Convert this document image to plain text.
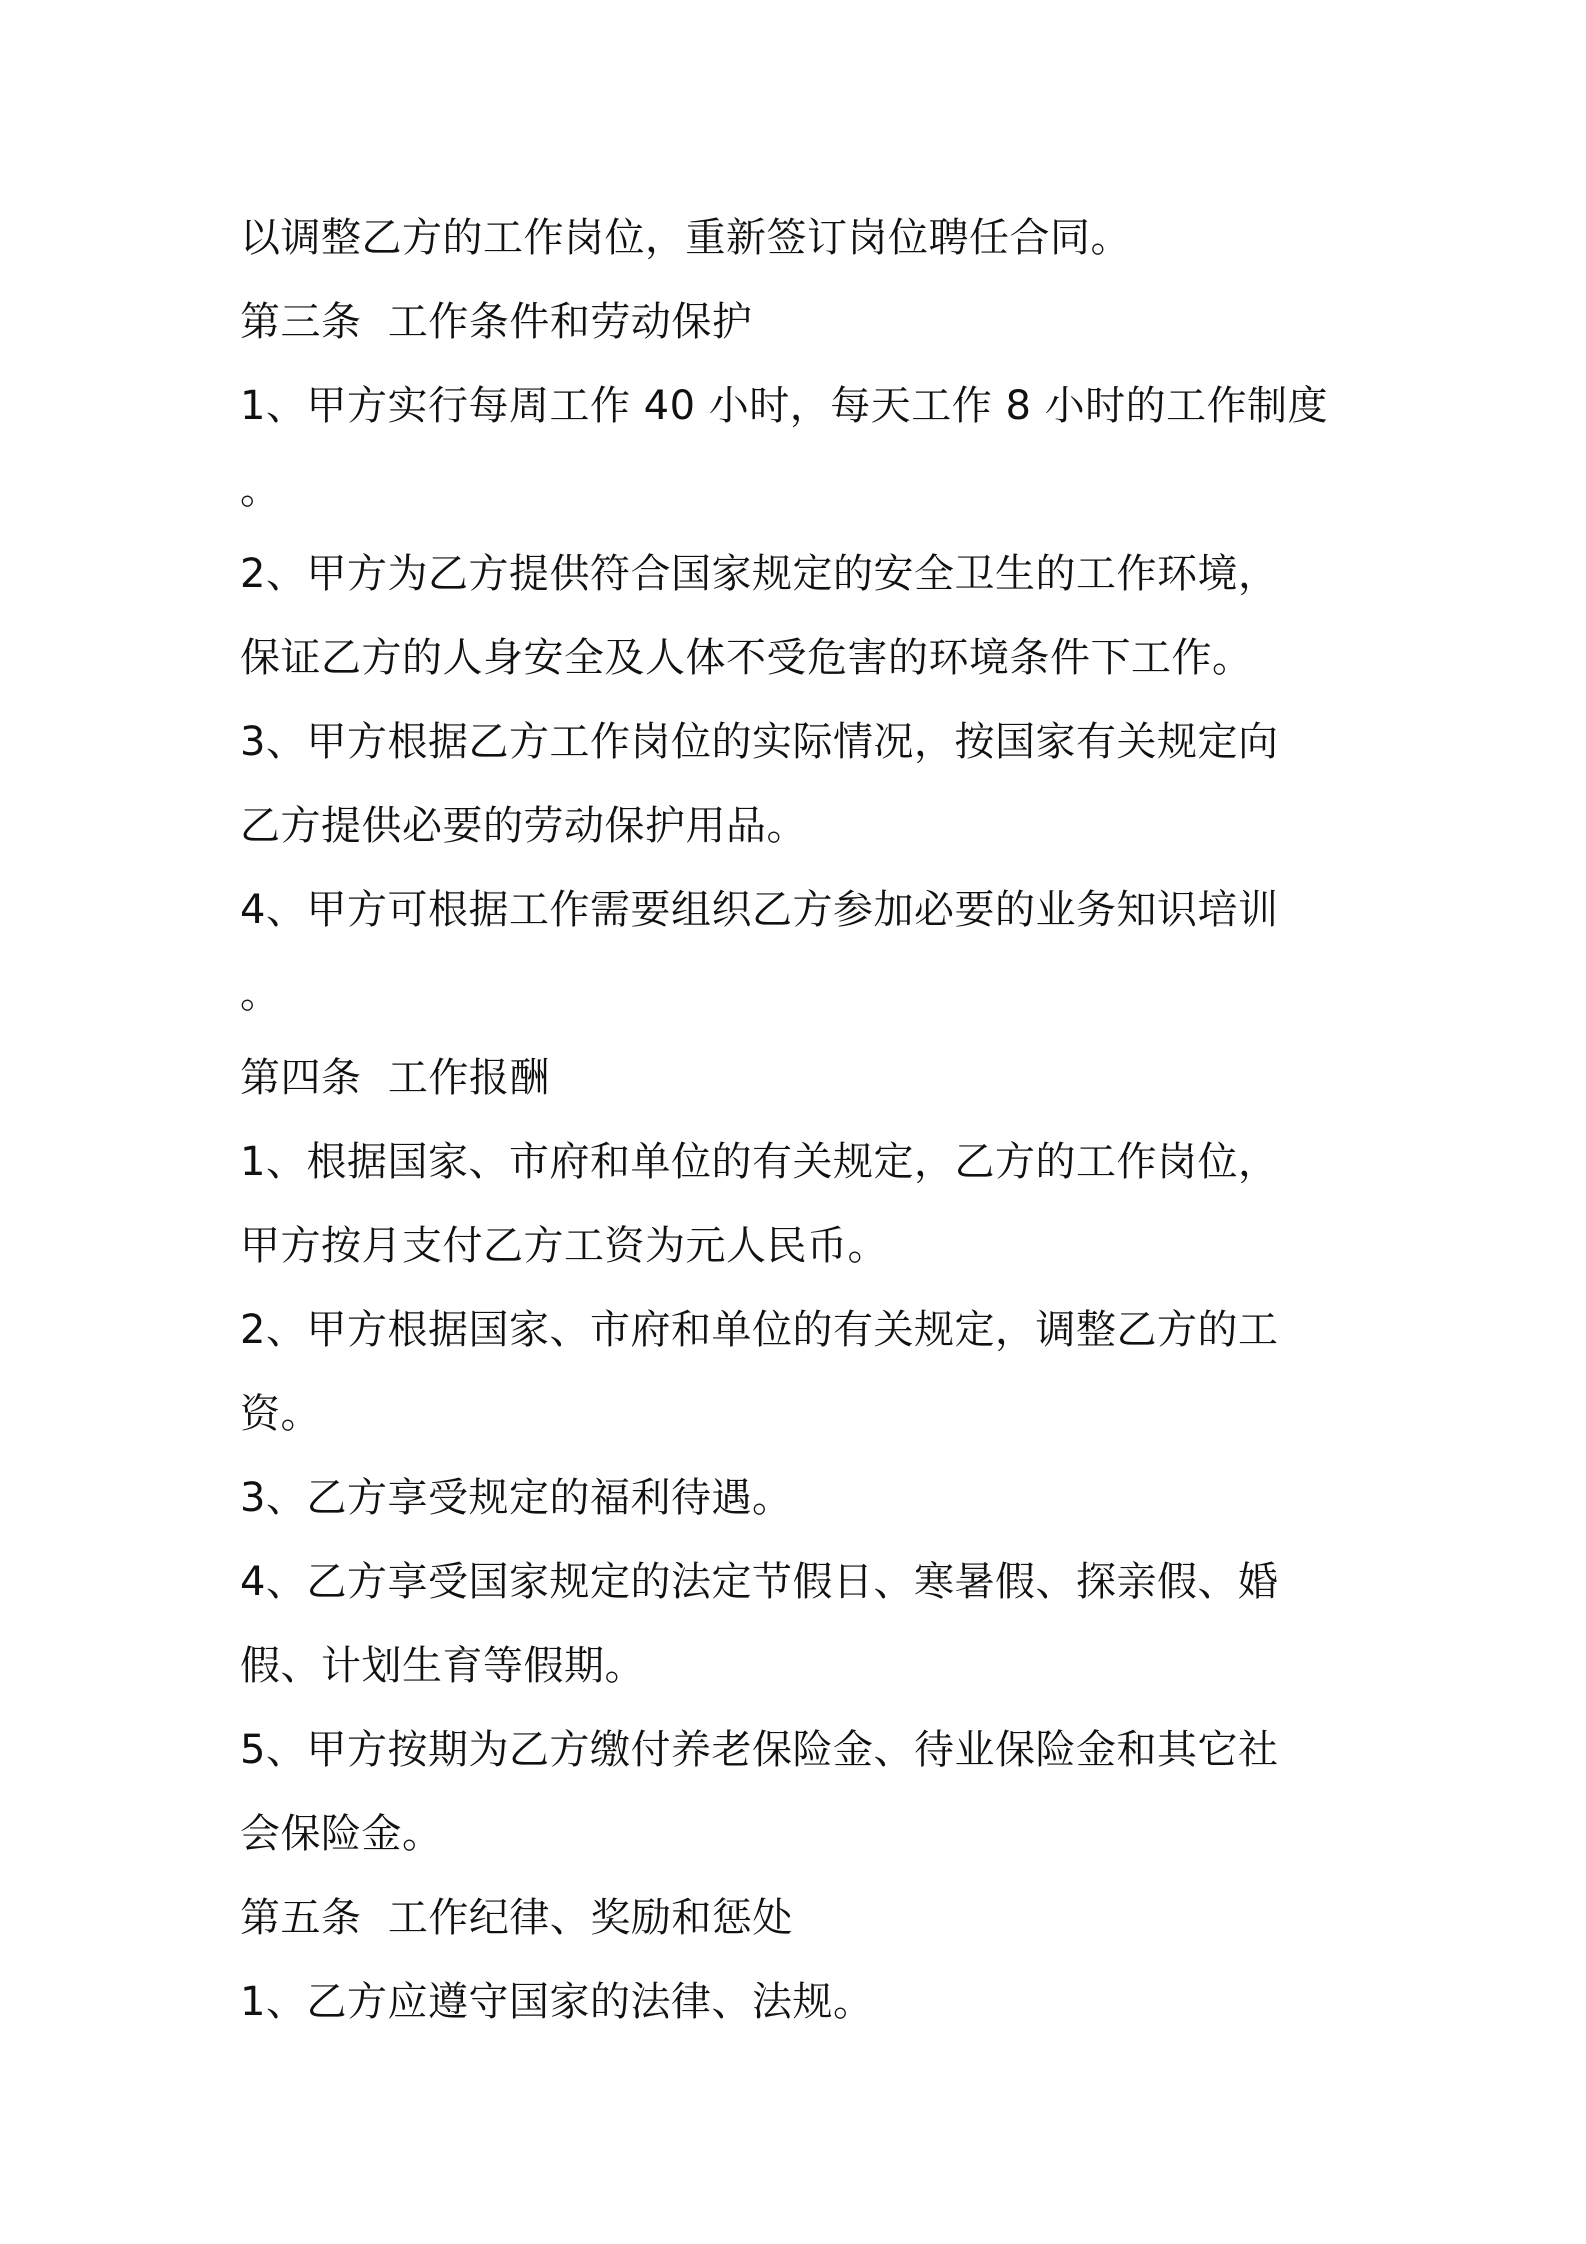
以调整乙方的工作岗位，重新签订岗位聘任合同。
第三条  工作条件和劳动保护
1、甲方实行每周工作 40 小时，每天工作 8 小时的工作制度
。
2、甲方为乙方提供符合国家规定的安全卫生的工作环境，
保证乙方的人身安全及人体不受危害的环境条件下工作。
3、甲方根据乙方工作岗位的实际情况，按国家有关规定向
乙方提供必要的劳动保护用品。
4、甲方可根据工作需要组织乙方参加必要的业务知识培训
。
第四条  工作报酬
1、根据国家、市府和单位的有关规定，乙方的工作岗位，
甲方按月支付乙方工资为元人民币。
2、甲方根据国家、市府和单位的有关规定，调整乙方的工
资。
3、乙方享受规定的福利待遇。
4、乙方享受国家规定的法定节假日、寒暑假、探亲假、婚
假、计划生育等假期。
5、甲方按期为乙方缴付养老保险金、待业保险金和其它社
会保险金。
第五条  工作纪律、奖励和惩处
1、乙方应遵守国家的法律、法规。
